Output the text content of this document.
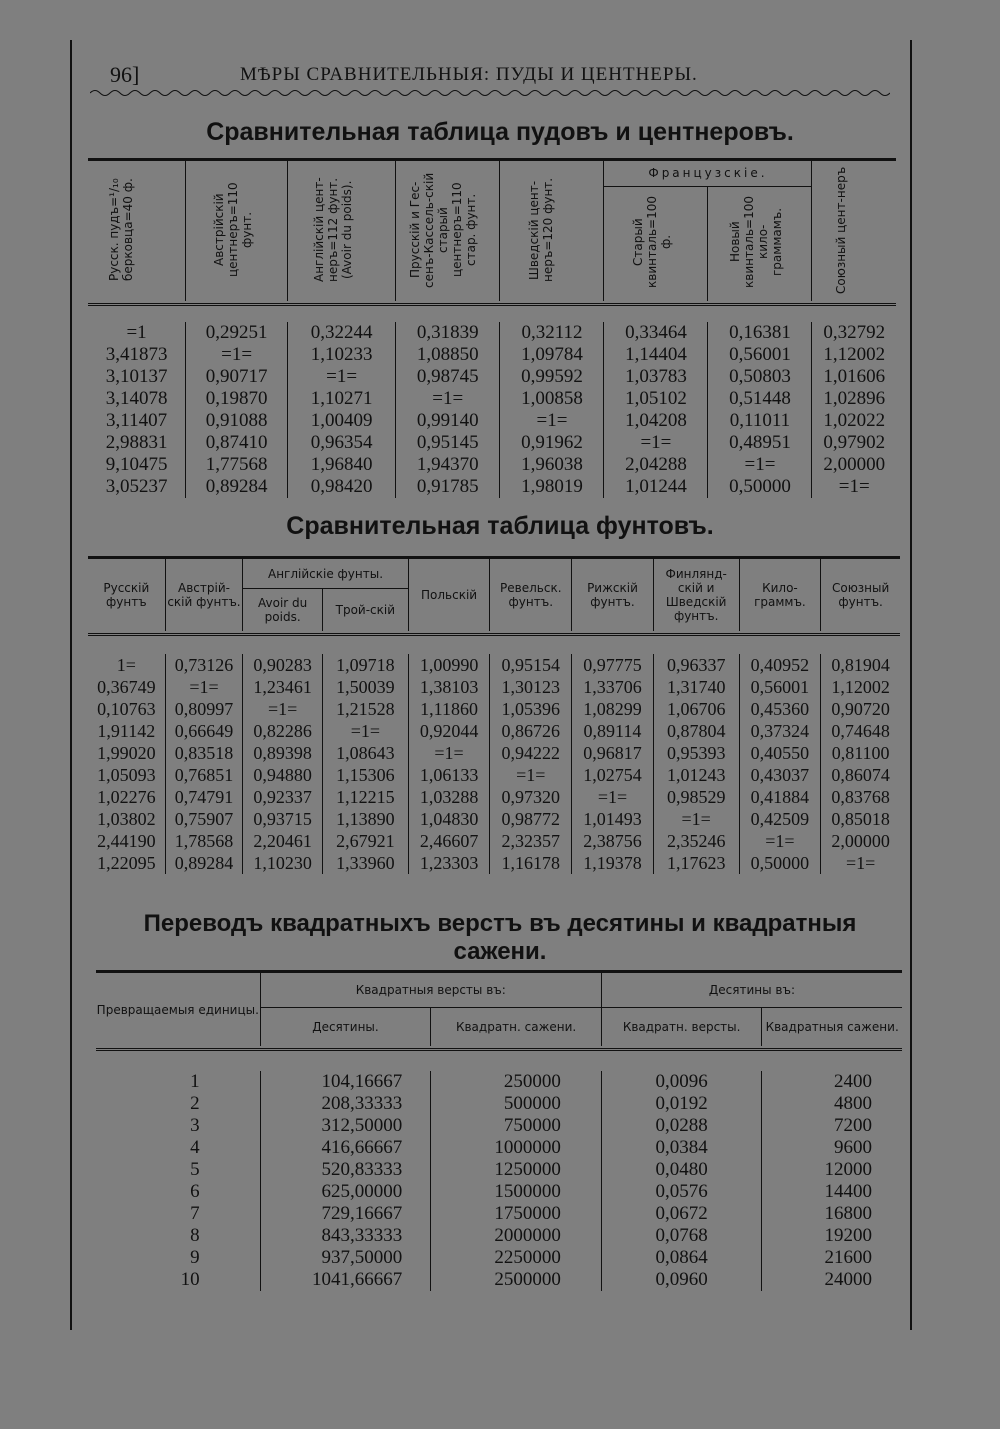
96]	МѢРЫ СРАВНИТЕЛЬНЫЯ: ПУДЫ И ЦЕНТНЕРЫ.
Сравнительная таблица пудовъ и центнеровъ.
Русск. пудъ=¹/₁₀ берковца=40 ф.	Австрійскій центнеръ=110 фунт.	Англійскій цент-неръ=112 фунт. (Avoir du poids).	Прусскій и Гес-сенъ-Кассель-скій старый центнеръ=110 стар. фунт.	Шведскій цент-неръ=120 фунт.	Французскіе.		Союзный цент-неръ
					Старый квинталь=100 ф.	Новый квинталь=100 кило-граммамъ.	

=1	0,29251	0,32244	0,31839	0,32112	0,33464	0,16381	0,32792
3,41873	=1=	1,10233	1,08850	1,09784	1,14404	0,56001	1,12002
3,10137	0,90717	=1=	0,98745	0,99592	1,03783	0,50803	1,01606
3,14078	0,19870	1,10271	=1=	1,00858	1,05102	0,51448	1,02896
3,11407	0,91088	1,00409	0,99140	=1=	1,04208	0,11011	1,02022
2,98831	0,87410	0,96354	0,95145	0,91962	=1=	0,48951	0,97902
9,10475	1,77568	1,96840	1,94370	1,96038	2,04288	=1=	2,00000
3,05237	0,89284	0,98420	0,91785	1,98019	1,01244	0,50000	=1=
Сравнительная таблица фунтовъ.
Русскій фунтъ	Австрій-скій фунтъ.	Англійскіе фунты.		Польскій	Ревельск. фунтъ.	Рижскій фунтъ.	Финлянд-скій и Шведскій фунтъ.	Кило-граммъ.	Союзный фунтъ.
		Avoir du poids.	Трой-скій						

1=	0,73126	0,90283	1,09718	1,00990	0,95154	0,97775	0,96337	0,40952	0,81904
0,36749	=1=	1,23461	1,50039	1,38103	1,30123	1,33706	1,31740	0,56001	1,12002
0,10763	0,80997	=1=	1,21528	1,11860	1,05396	1,08299	1,06706	0,45360	0,90720
1,91142	0,66649	0,82286	=1=	0,92044	0,86726	0,89114	0,87804	0,37324	0,74648
1,99020	0,83518	0,89398	1,08643	=1=	0,94222	0,96817	0,95393	0,40550	0,81100
1,05093	0,76851	0,94880	1,15306	1,06133	=1=	1,02754	1,01243	0,43037	0,86074
1,02276	0,74791	0,92337	1,12215	1,03288	0,97320	=1=	0,98529	0,41884	0,83768
1,03802	0,75907	0,93715	1,13890	1,04830	0,98772	1,01493	=1=	0,42509	0,85018
2,44190	1,78568	2,20461	2,67921	2,46607	2,32357	2,38756	2,35246	=1=	2,00000
1,22095	0,89284	1,10230	1,33960	1,23303	1,16178	1,19378	1,17623	0,50000	=1=
Переводъ квадратныхъ верстъ въ десятины и квадратныя
сажени.
Превращаемыя единицы.	Квадратныя версты въ:		Десятины въ:	
	Десятины.	Квадратн. сажени.	Квадратн. версты.	Квадратныя сажени.

1	104,16667	250000	0,0096	2400
2	208,33333	500000	0,0192	4800
3	312,50000	750000	0,0288	7200
4	416,66667	1000000	0,0384	9600
5	520,83333	1250000	0,0480	12000
6	625,00000	1500000	0,0576	14400
7	729,16667	1750000	0,0672	16800
8	843,33333	2000000	0,0768	19200
9	937,50000	2250000	0,0864	21600
10	1041,66667	2500000	0,0960	24000
